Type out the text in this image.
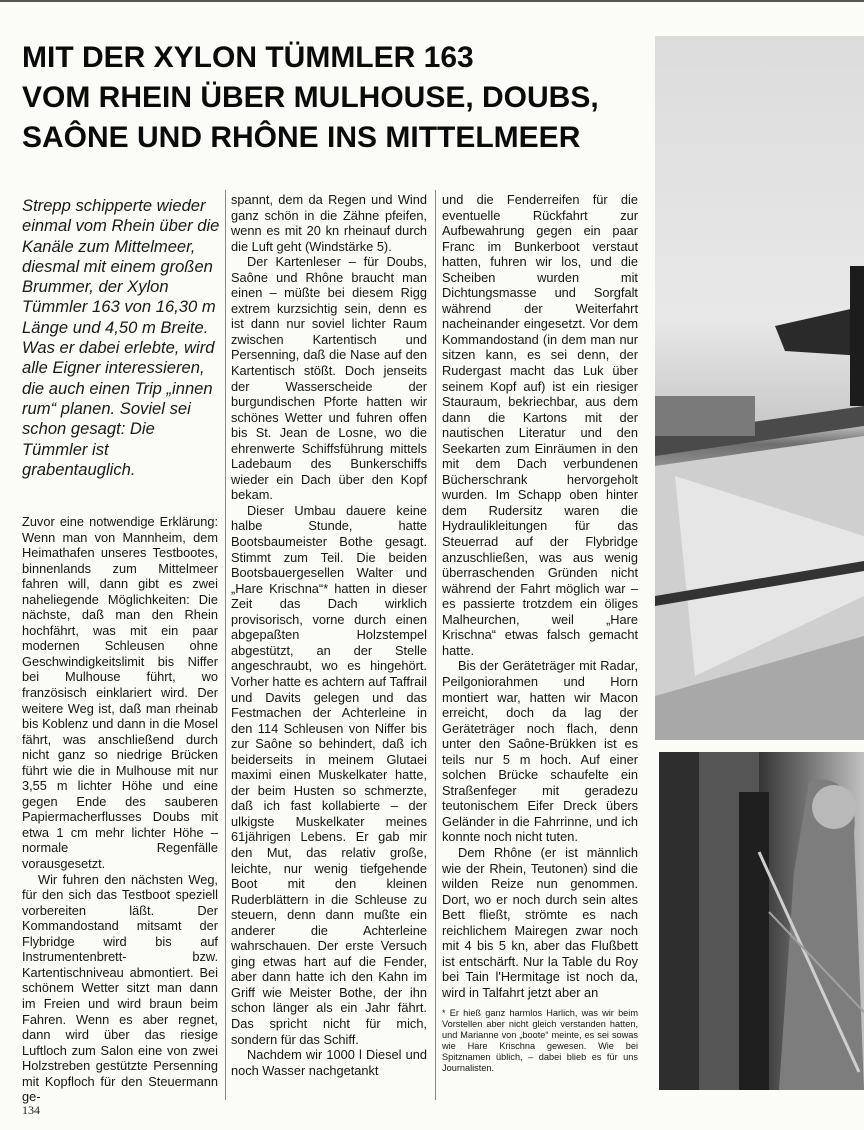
MIT DER XYLON TÜMMLER 163
VOM RHEIN ÜBER MULHOUSE, DOUBS,
SAÔNE UND RHÔNE INS MITTELMEER

Strepp schipperte wieder einmal vom Rhein über die Kanäle zum Mittelmeer, diesmal mit einem großen Brummer, der Xylon Tümmler 163 von 16,30 m Länge und 4,50 m Breite. Was er dabei erlebte, wird alle Eigner interessieren, die auch einen Trip „innen rum“ planen. Soviel sei schon gesagt: Die Tümmler ist grabentauglich.

Zuvor eine notwendige Erklärung: Wenn man von Mannheim, dem Heimathafen unseres Testbootes, binnenlands zum Mittelmeer fahren will, dann gibt es zwei naheliegende Möglichkeiten: Die nächste, daß man den Rhein hochfährt, was mit ein paar modernen Schleusen ohne Geschwindigkeitslimit bis Niffer bei Mulhouse führt, wo französisch einklariert wird. Der weitere Weg ist, daß man rheinab bis Koblenz und dann in die Mosel fährt, was anschließend durch nicht ganz so niedrige Brücken führt wie die in Mulhouse mit nur 3,55 m lichter Höhe und eine gegen Ende des sauberen Papiermacherflusses Doubs mit etwa 1 cm mehr lichter Höhe – normale Regenfälle vorausgesetzt.

Wir fuhren den nächsten Weg, für den sich das Testboot speziell vorbereiten läßt. Der Kommandostand mitsamt der Flybridge wird bis auf Instrumentenbrett- bzw. Kartentischniveau abmontiert. Bei schönem Wetter sitzt man dann im Freien und wird braun beim Fahren. Wenn es aber regnet, dann wird über das riesige Luftloch zum Salon eine von zwei Holzstreben gestützte Persenning mit Kopfloch für den Steuermann ge-

spannt, dem da Regen und Wind ganz schön in die Zähne pfeifen, wenn es mit 20 kn rheinauf durch die Luft geht (Windstärke 5).

Der Kartenleser – für Doubs, Saône und Rhône braucht man einen – müßte bei diesem Rigg extrem kurzsichtig sein, denn es ist dann nur soviel lichter Raum zwischen Kartentisch und Persenning, daß die Nase auf den Kartentisch stößt. Doch jenseits der Wasserscheide der burgundischen Pforte hatten wir schönes Wetter und fuhren offen bis St. Jean de Losne, wo die ehrenwerte Schiffsführung mittels Ladebaum des Bunkerschiffs wieder ein Dach über den Kopf bekam.

Dieser Umbau dauere keine halbe Stunde, hatte Bootsbaumeister Bothe gesagt. Stimmt zum Teil. Die beiden Bootsbauergesellen Walter und „Hare Krischna“* hatten in dieser Zeit das Dach wirklich provisorisch, vorne durch einen abgepaßten Holzstempel abgestützt, an der Stelle angeschraubt, wo es hingehört. Vorher hatte es achtern auf Taffrail und Davits gelegen und das Festmachen der Achterleine in den 114 Schleusen von Niffer bis zur Saône so behindert, daß ich beiderseits in meinem Glutaei maximi einen Muskelkater hatte, der beim Husten so schmerzte, daß ich fast kollabierte – der ulkigste Muskelkater meines 61jährigen Lebens. Er gab mir den Mut, das relativ große, leichte, nur wenig tiefgehende Boot mit den kleinen Ruderblättern in die Schleuse zu steuern, denn dann mußte ein anderer die Achterleine wahrschauen. Der erste Versuch ging etwas hart auf die Fender, aber dann hatte ich den Kahn im Griff wie Meister Bothe, der ihn schon länger als ein Jahr fährt. Das spricht nicht für mich, sondern für das Schiff.

Nachdem wir 1000 l Diesel und noch Wasser nachgetankt

und die Fenderreifen für die eventuelle Rückfahrt zur Aufbewahrung gegen ein paar Franc im Bunkerboot verstaut hatten, fuhren wir los, und die Scheiben wurden mit Dichtungsmasse und Sorgfalt während der Weiterfahrt nacheinander eingesetzt. Vor dem Kommandostand (in dem man nur sitzen kann, es sei denn, der Rudergast macht das Luk über seinem Kopf auf) ist ein riesiger Stauraum, bekriechbar, aus dem dann die Kartons mit der nautischen Literatur und den Seekarten zum Einräumen in den mit dem Dach verbundenen Bücherschrank hervorgeholt wurden. Im Schapp oben hinter dem Rudersitz waren die Hydraulikleitungen für das Steuerrad auf der Flybridge anzuschließen, was aus wenig überraschenden Gründen nicht während der Fahrt möglich war – es passierte trotzdem ein öliges Malheurchen, weil „Hare Krischna“ etwas falsch gemacht hatte.

Bis der Geräteträger mit Radar, Peilgoniorahmen und Horn montiert war, hatten wir Macon erreicht, doch da lag der Geräteträger noch flach, denn unter den Saône-Brükken ist es teils nur 5 m hoch. Auf einer solchen Brücke schaufelte ein Straßenfeger mit geradezu teutonischem Eifer Dreck übers Geländer in die Fahrrinne, und ich konnte noch nicht tuten.

Dem Rhône (er ist männlich wie der Rhein, Teutonen) sind die wilden Reize nun genommen. Dort, wo er noch durch sein altes Bett fließt, strömte es nach reichlichem Mairegen zwar noch mit 4 bis 5 kn, aber das Flußbett ist entschärft. Nur la Table du Roy bei Tain l'Hermitage ist noch da, wird in Talfahrt jetzt aber an

* Er hieß ganz harmlos Harlich, was wir beim Vorstellen aber nicht gleich verstanden hatten, und Marianne von „boote“ meinte, es sei sowas wie Hare Krischna gewesen. Wie bei Spitznamen üblich, – dabei blieb es für uns Journalisten.

134
